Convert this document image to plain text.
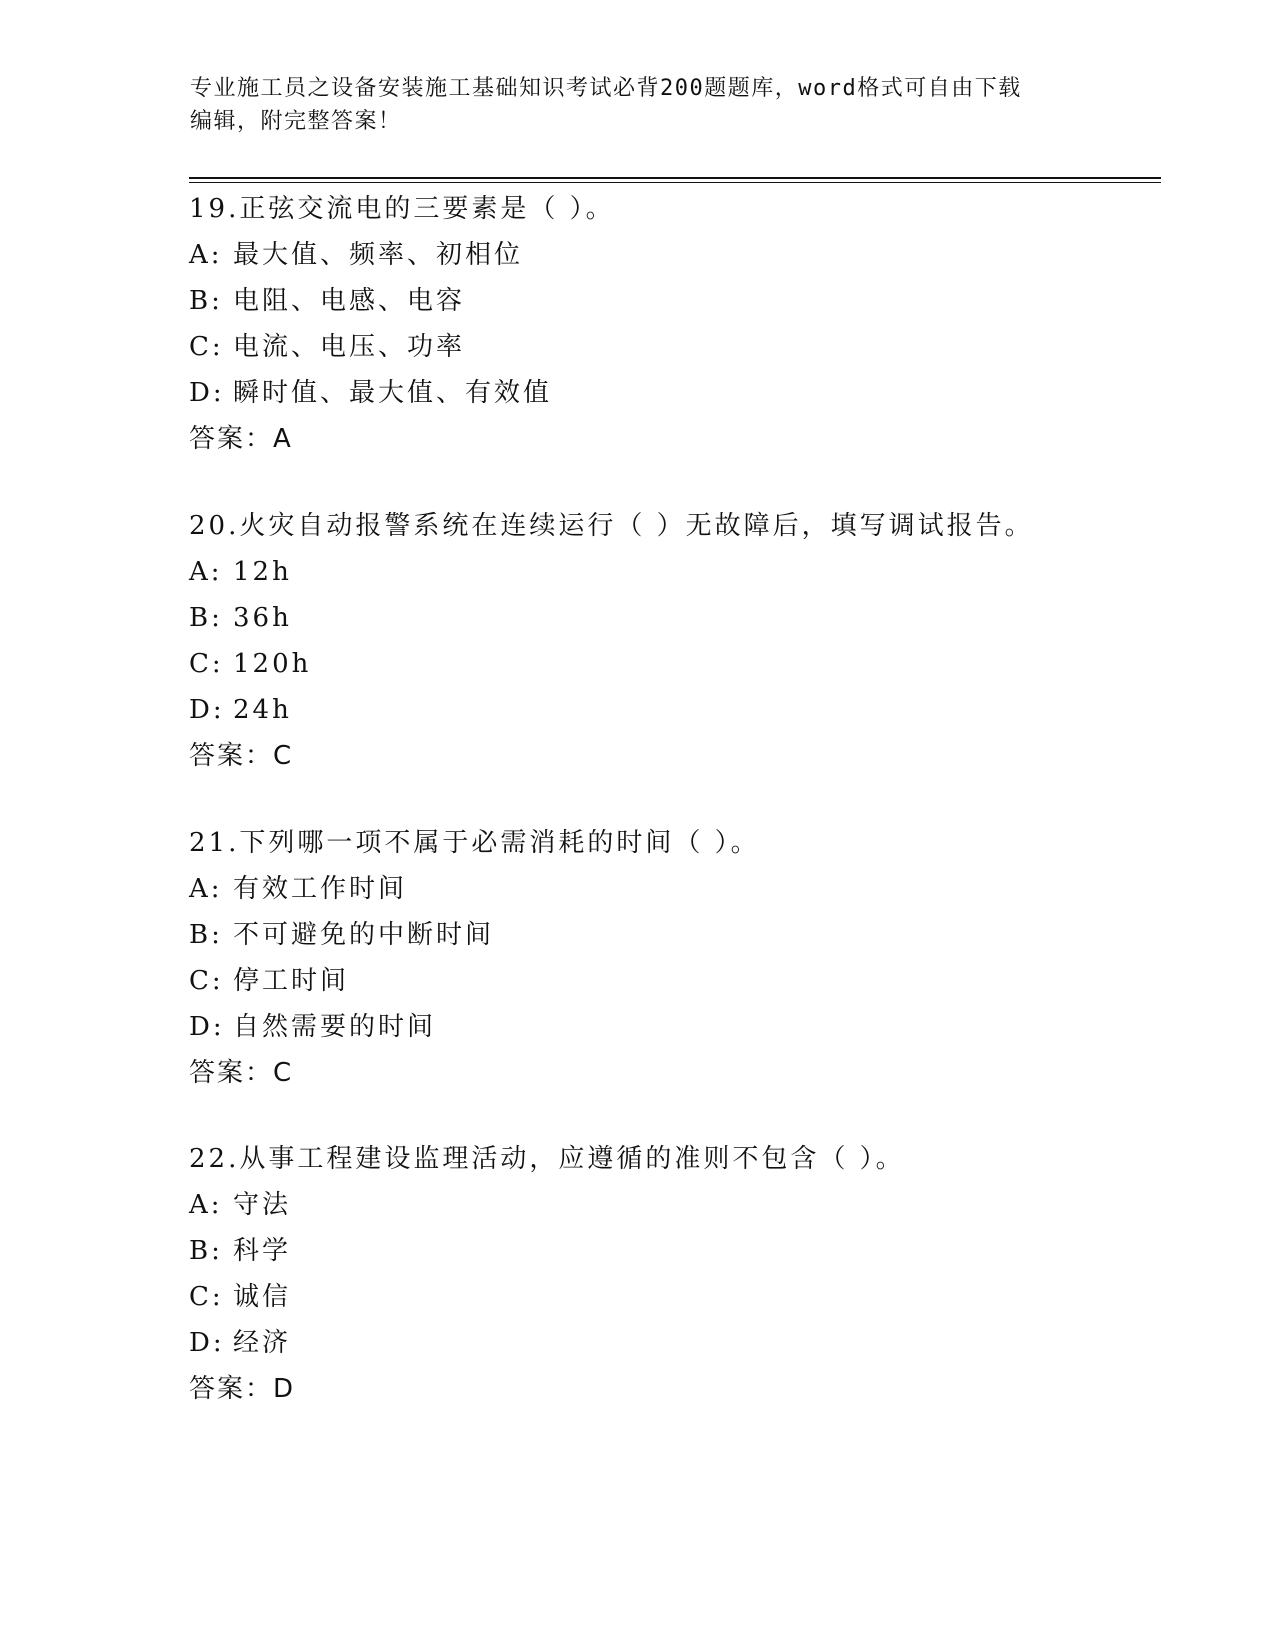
专业施工员之设备安装施工基础知识考试必背200题题库，word格式可自由下载
编辑，附完整答案！
19.正弦交流电的三要素是（ ）。
A: 最大值、频率、初相位
B: 电阻、电感、电容
C: 电流、电压、功率
D: 瞬时值、最大值、有效值
答案：A
20.火灾自动报警系统在连续运行（ ）无故障后，填写调试报告。
A: 12h
B: 36h
C: 120h
D: 24h
答案：C
21.下列哪一项不属于必需消耗的时间（ ）。
A: 有效工作时间
B: 不可避免的中断时间
C: 停工时间
D: 自然需要的时间
答案：C
22.从事工程建设监理活动，应遵循的准则不包含（ ）。
A: 守法
B: 科学
C: 诚信
D: 经济
答案：D
